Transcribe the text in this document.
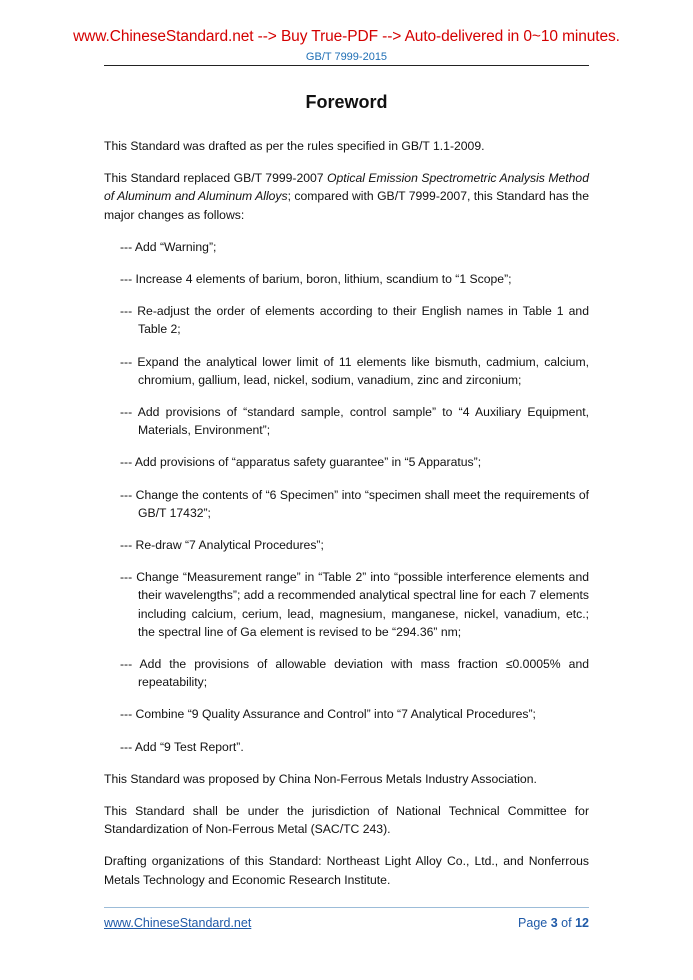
www.ChineseStandard.net --> Buy True-PDF --> Auto-delivered in 0~10 minutes.
GB/T 7999-2015
Foreword

This Standard was drafted as per the rules specified in GB/T 1.1-2009.

This Standard replaced GB/T 7999-2007 Optical Emission Spectrometric Analysis Method of Aluminum and Aluminum Alloys; compared with GB/T 7999-2007, this Standard has the major changes as follows:

--- Add “Warning”;

--- Increase 4 elements of barium, boron, lithium, scandium to “1 Scope”;

--- Re-adjust the order of elements according to their English names in Table 1 and Table 2;

--- Expand the analytical lower limit of 11 elements like bismuth, cadmium, calcium, chromium, gallium, lead, nickel, sodium, vanadium, zinc and zirconium;

--- Add provisions of “standard sample, control sample” to “4 Auxiliary Equipment, Materials, Environment”;

--- Add provisions of “apparatus safety guarantee” in “5 Apparatus”;

--- Change the contents of “6 Specimen” into “specimen shall meet the requirements of GB/T 17432”;

--- Re-draw “7 Analytical Procedures”;

--- Change “Measurement range” in “Table 2” into “possible interference elements and their wavelengths”; add a recommended analytical spectral line for each 7 elements including calcium, cerium, lead, magnesium, manganese, nickel, vanadium, etc.; the spectral line of Ga element is revised to be “294.36” nm;

--- Add the provisions of allowable deviation with mass fraction ≤0.0005% and repeatability;

--- Combine “9 Quality Assurance and Control” into “7 Analytical Procedures”;

--- Add “9 Test Report”.

This Standard was proposed by China Non-Ferrous Metals Industry Association.

This Standard shall be under the jurisdiction of National Technical Committee for Standardization of Non-Ferrous Metal (SAC/TC 243).

Drafting organizations of this Standard: Northeast Light Alloy Co., Ltd., and Nonferrous Metals Technology and Economic Research Institute.

www.ChineseStandard.net	Page 3 of 12
